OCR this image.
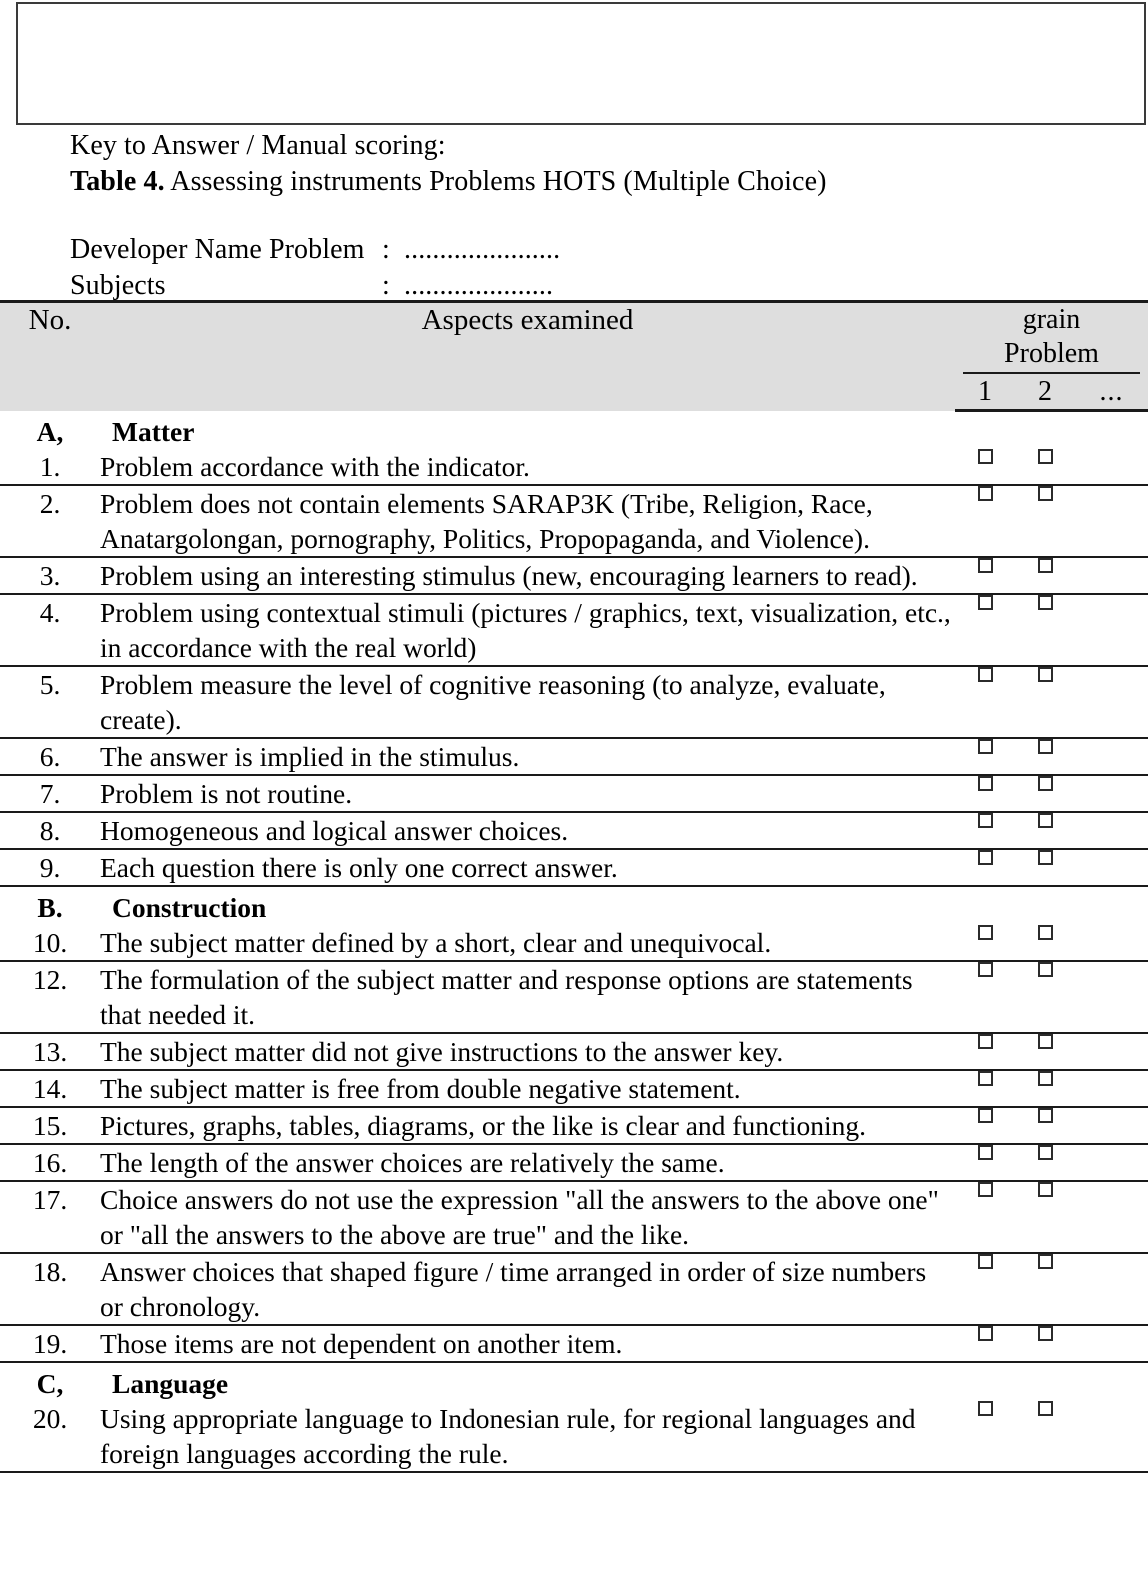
Key to Answer / Manual scoring:
Table 4. Assessing instruments Problems HOTS (Multiple Choice)
Developer Name Problem : ......................
Subjects	: .....................
No.	Aspects examined	grain
Problem		

		1	2	...
A,	Matter			
1.	Problem accordance with the indicator.			
2.	Problem does not contain elements SARAP3K (Tribe, Religion, Race, Anatargolongan, pornography, Politics, Propopaganda, and Violence).			
3.	Problem using an interesting stimulus (new, encouraging learners to read).			
4.	Problem using contextual stimuli (pictures / graphics, text, visualization, etc., in accordance with the real world)			
5.	Problem measure the level of cognitive reasoning (to analyze, evaluate, create).			
6.	The answer is implied in the stimulus.			
7.	Problem is not routine.			
8.	Homogeneous and logical answer choices.			
9.	Each question there is only one correct answer.			
B.	Construction			
10.	The subject matter defined by a short, clear and unequivocal.			
12.	The formulation of the subject matter and response options are statements that needed it.			
13.	The subject matter did not give instructions to the answer key.			
14.	The subject matter is free from double negative statement.			
15.	Pictures, graphs, tables, diagrams, or the like is clear and functioning.			
16.	The length of the answer choices are relatively the same.			
17.	Choice answers do not use the expression "all the answers to the above one" or "all the answers to the above are true" and the like.			
18.	Answer choices that shaped figure / time arranged in order of size numbers or chronology.			
19.	Those items are not dependent on another item.			
C,	Language			
20.	Using appropriate language to Indonesian rule, for regional languages and foreign languages according the rule.			
